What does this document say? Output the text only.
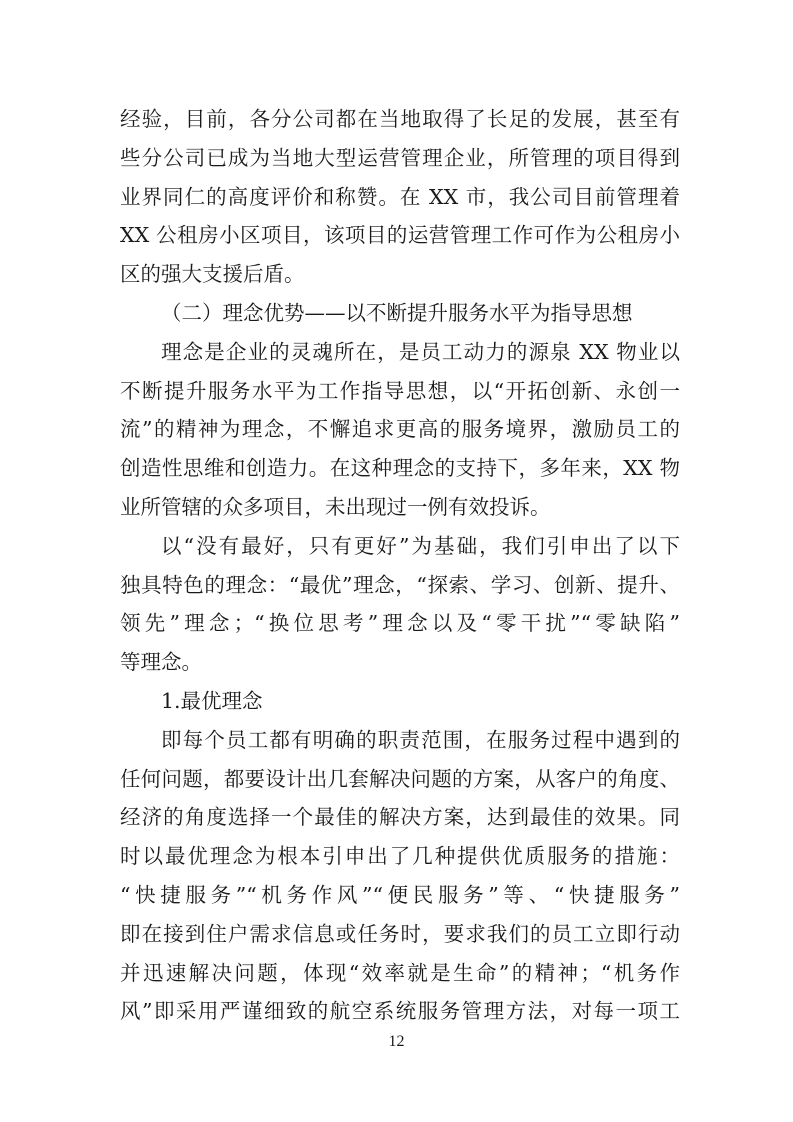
经验，目前，各分公司都在当地取得了长足的发展，甚至有
些分公司已成为当地大型运营管理企业，所管理的项目得到
业界同仁的高度评价和称赞。在 XX 市，我公司目前管理着
XX 公租房小区项目，该项目的运营管理工作可作为公租房小
区的强大支援后盾。
（二）理念优势——以不断提升服务水平为指导思想
理念是企业的灵魂所在，是员工动力的源泉 XX 物业以
不断提升服务水平为工作指导思想，以“开拓创新、永创一
流”的精神为理念，不懈追求更高的服务境界，激励员工的
创造性思维和创造力。在这种理念的支持下，多年来，XX 物
业所管辖的众多项目，未出现过一例有效投诉。
以“没有最好，只有更好”为基础，我们引申出了以下
独具特色的理念：“最优”理念，“探索、学习、创新、提升、
领先”理念；“换位思考”理念以及“零干扰”“零缺陷”
等理念。
1.最优理念
即每个员工都有明确的职责范围，在服务过程中遇到的
任何问题，都要设计出几套解决问题的方案，从客户的角度、
经济的角度选择一个最佳的解决方案，达到最佳的效果。同
时以最优理念为根本引申出了几种提供优质服务的措施：
“快捷服务”“机务作风”“便民服务”等、“快捷服务”
即在接到住户需求信息或任务时，要求我们的员工立即行动
并迅速解决问题，体现“效率就是生命”的精神；“机务作
风”即采用严谨细致的航空系统服务管理方法，对每一项工
12
